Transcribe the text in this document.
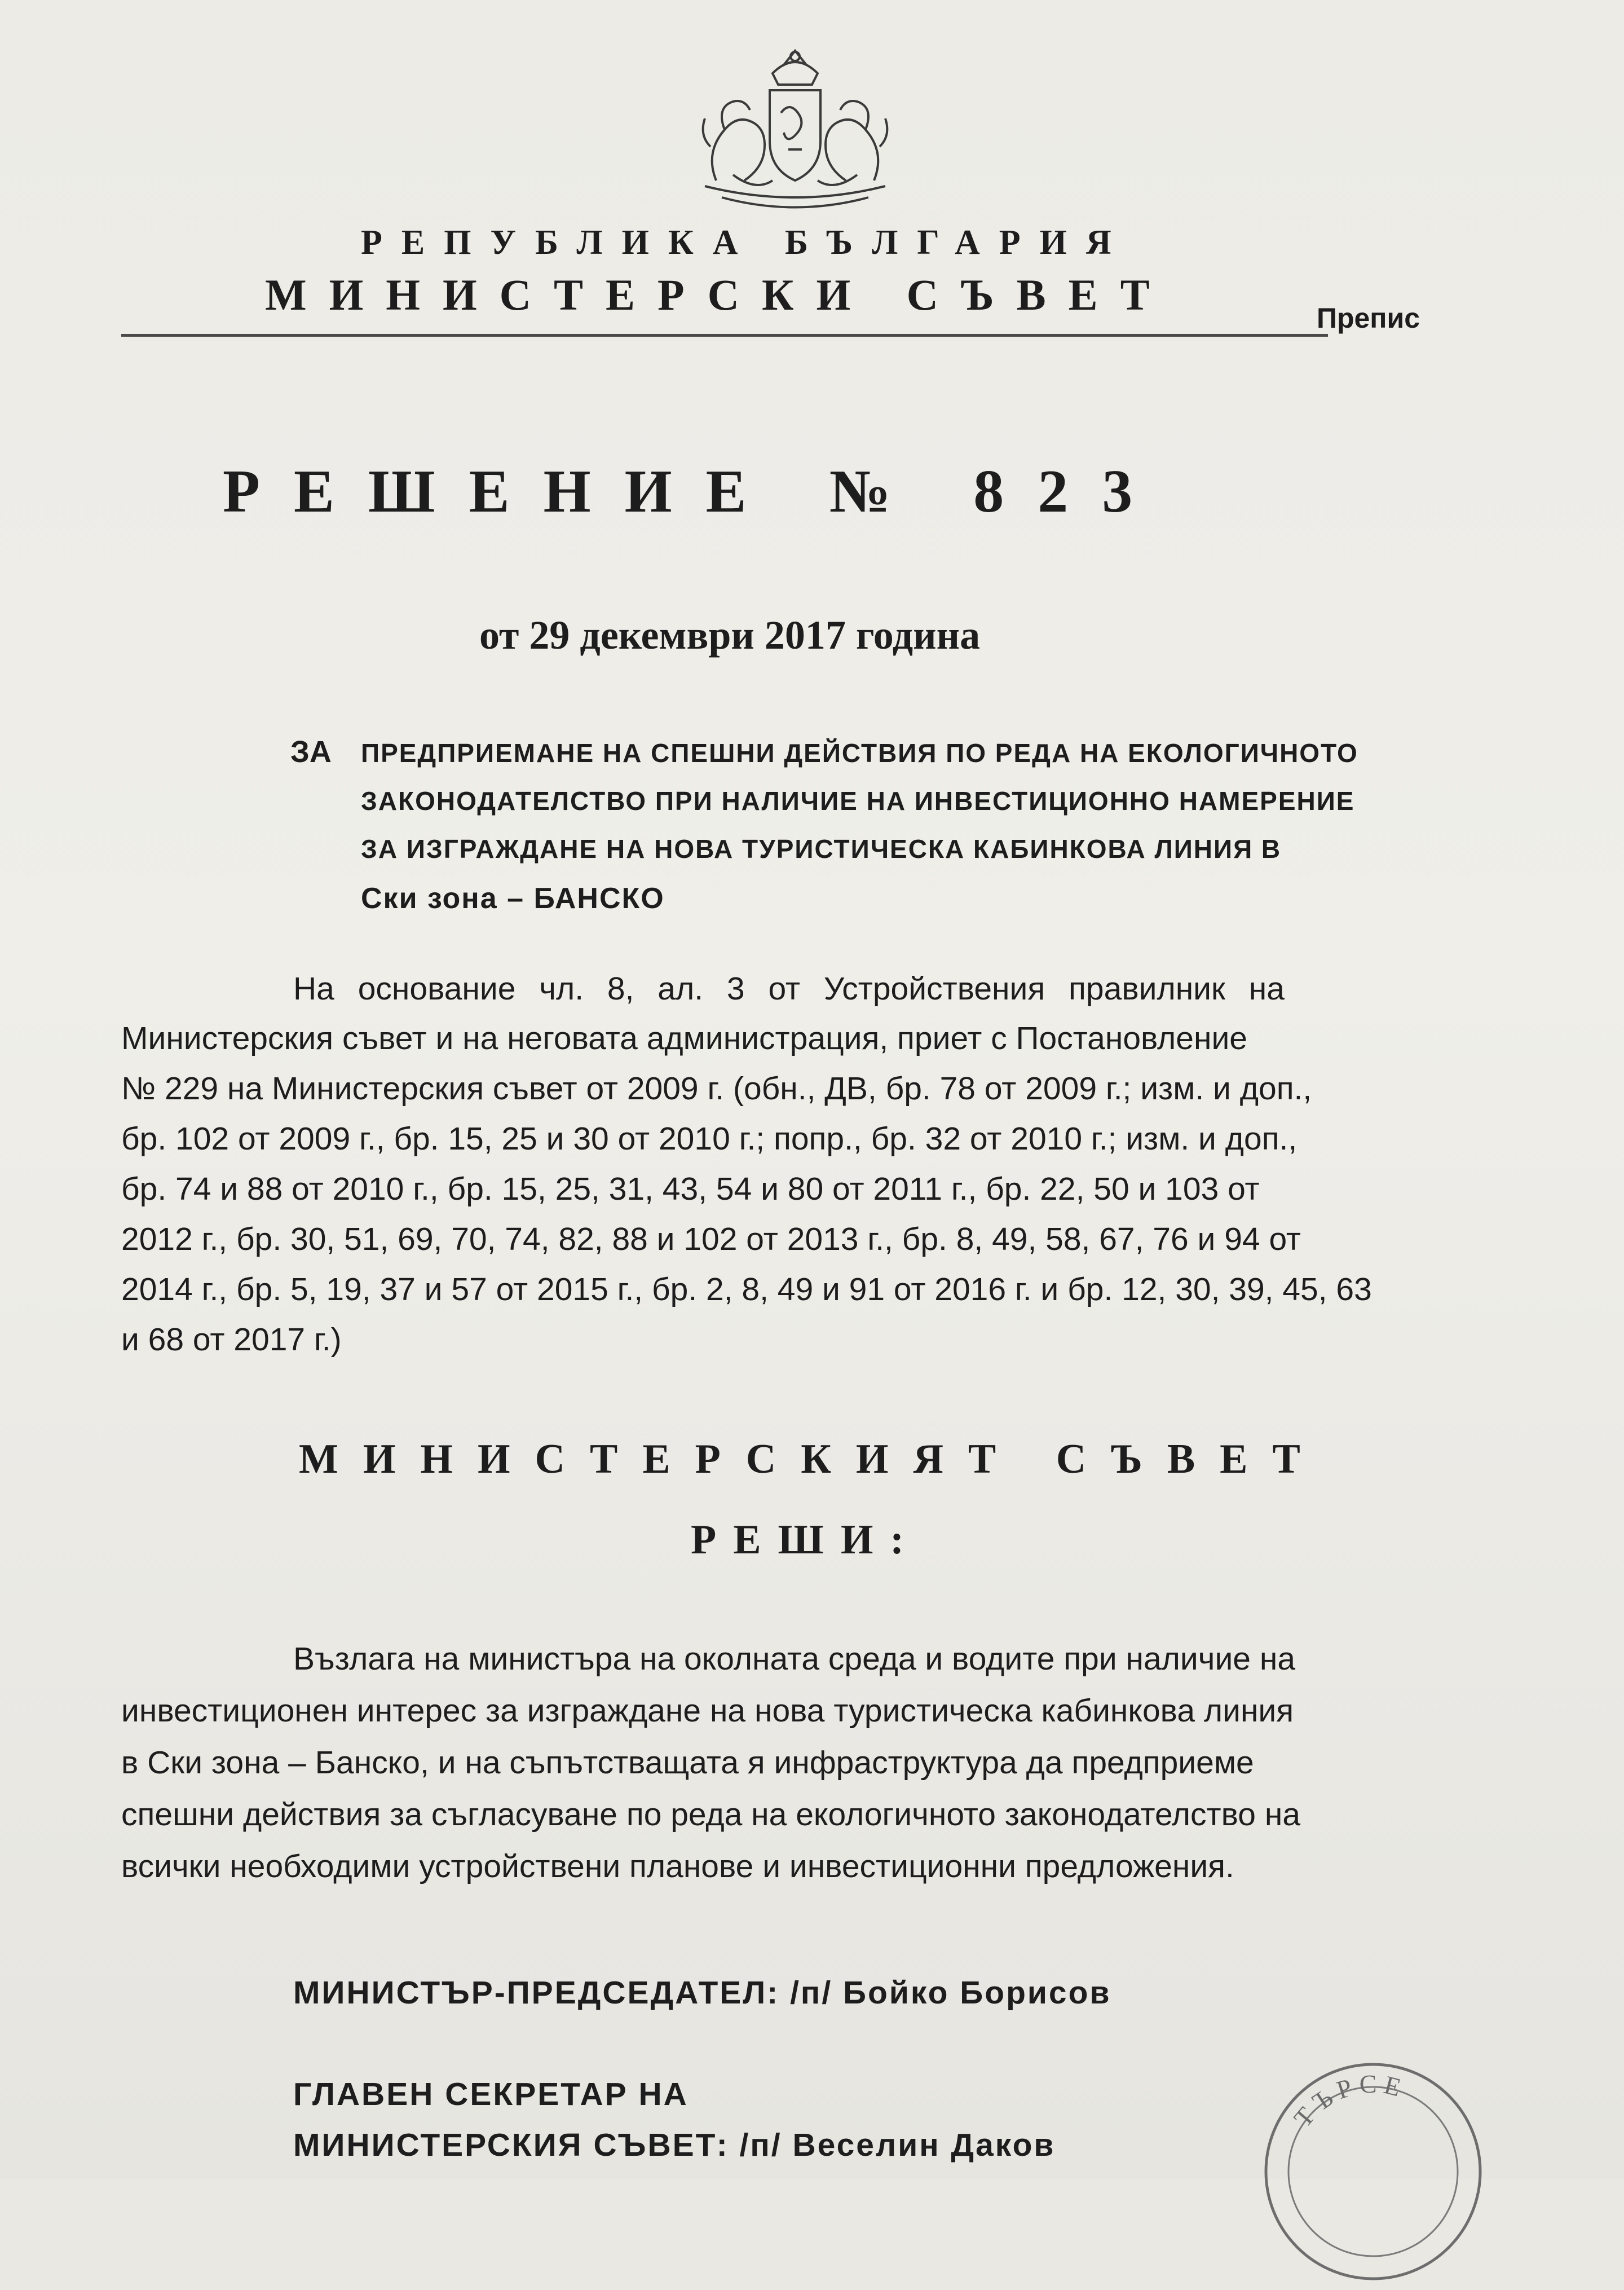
РЕПУБЛИКА БЪЛГАРИЯ
МИНИСТЕРСКИ СЪВЕТ	Препис
РЕШЕНИЕ № 823
от 29 декември 2017 година
ЗА ПРЕДПРИЕМАНЕ НА СПЕШНИ ДЕЙСТВИЯ ПО РЕДА НА ЕКОЛОГИЧНОТО
ЗАКОНОДАТЕЛСТВО ПРИ НАЛИЧИЕ НА ИНВЕСТИЦИОННО НАМЕРЕНИЕ
ЗА ИЗГРАЖДАНЕ НА НОВА ТУРИСТИЧЕСКА КАБИНКОВА ЛИНИЯ В
Ски зона – БАНСКО
На основание чл. 8, ал. 3 от Устройствения правилник на
Министерския съвет и на неговата администрация, приет с Постановление
№ 229 на Министерския съвет от 2009 г. (обн., ДВ, бр. 78 от 2009 г.; изм. и доп.,
бр. 102 от 2009 г., бр. 15, 25 и 30 от 2010 г.; попр., бр. 32 от 2010 г.; изм. и доп.,
бр. 74 и 88 от 2010 г., бр. 15, 25, 31, 43, 54 и 80 от 2011 г., бр. 22, 50 и 103 от
2012 г., бр. 30, 51, 69, 70, 74, 82, 88 и 102 от 2013 г., бр. 8, 49, 58, 67, 76 и 94 от
2014 г., бр. 5, 19, 37 и 57 от 2015 г., бр. 2, 8, 49 и 91 от 2016 г. и бр. 12, 30, 39, 45, 63
и 68 от 2017 г.)
МИНИСТЕРСКИЯТ СЪВЕТ
РЕШИ:
Възлага на министъра на околната среда и водите при наличие на
инвестиционен интерес за изграждане на нова туристическа кабинкова линия
в Ски зона – Банско, и на съпътстващата я инфраструктура да предприеме
спешни действия за съгласуване по реда на екологичното законодателство на
всички необходими устройствени планове и инвестиционни предложения.
МИНИСТЪР-ПРЕДСЕДАТЕЛ: /п/ Бойко Борисов
ГЛАВЕН СЕКРЕТАР НА
МИНИСТЕРСКИЯ СЪВЕТ: /п/ Веселин Даков
ТЪРСЕ
